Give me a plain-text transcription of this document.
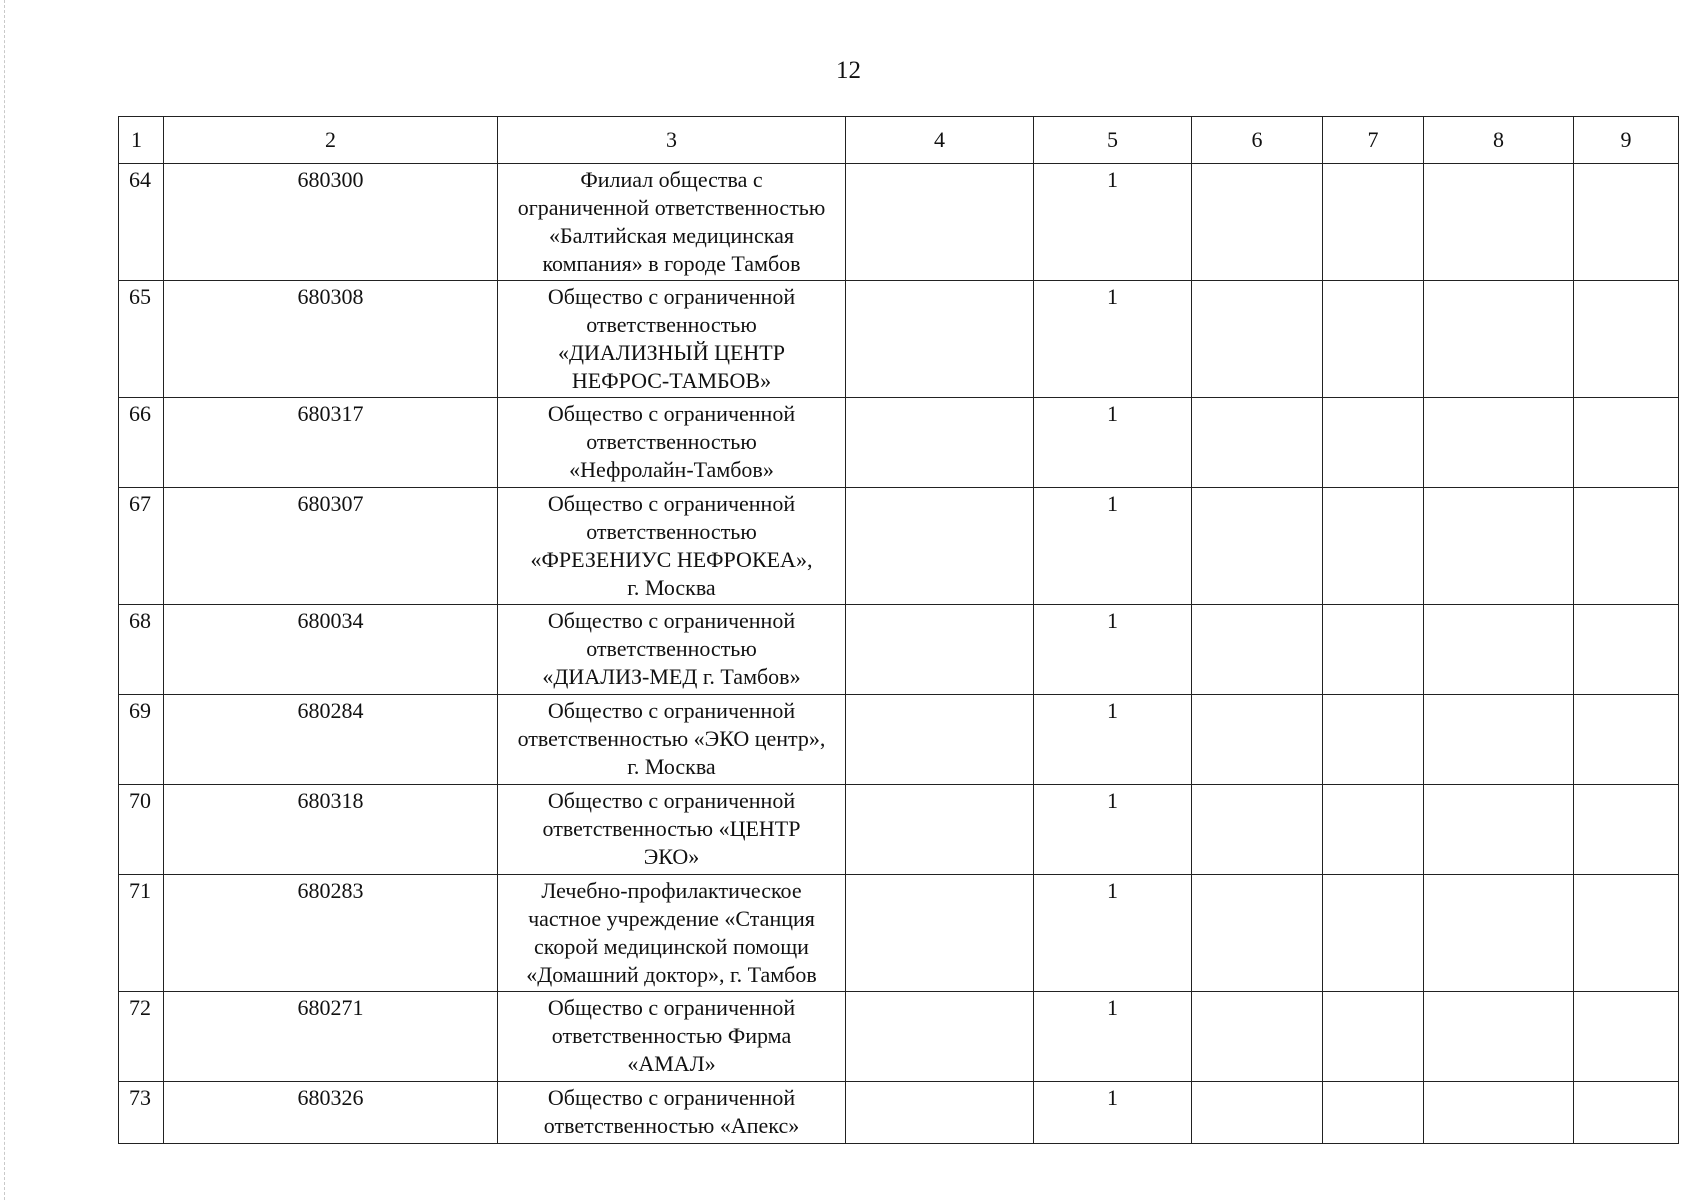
12
1	2	3	4	5	6	7	8	9
64	680300	Филиал общества с
ограниченной ответственностью
«Балтийская медицинская
компания» в городе Тамбов		1				
65	680308	Общество с ограниченной
ответственностью
«ДИАЛИЗНЫЙ ЦЕНТР
НЕФРОС-ТАМБОВ»		1				
66	680317	Общество с ограниченной
ответственностью
«Нефролайн-Тамбов»		1				
67	680307	Общество с ограниченной
ответственностью
«ФРЕЗЕНИУС НЕФРОКЕА»,
г. Москва		1				
68	680034	Общество с ограниченной
ответственностью
«ДИАЛИЗ-МЕД г. Тамбов»		1				
69	680284	Общество с ограниченной
ответственностью «ЭКО центр»,
г. Москва		1				
70	680318	Общество с ограниченной
ответственностью «ЦЕНТР
ЭКО»		1				
71	680283	Лечебно-профилактическое
частное учреждение «Станция
скорой медицинской помощи
«Домашний доктор», г. Тамбов		1				
72	680271	Общество с ограниченной
ответственностью Фирма
«АМАЛ»		1				
73	680326	Общество с ограниченной
ответственностью «Апекс»		1				
